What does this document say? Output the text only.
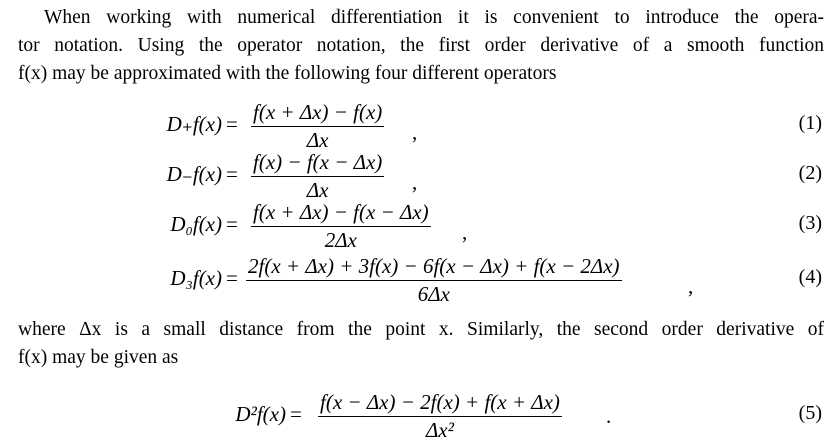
When working with numerical differentiation it is convenient to introduce the opera-
tor notation. Using the operator notation, the first order derivative of a smooth function
f(x) may be approximated with the following four different operators
$D_+f(x) = \frac{f(x + \Delta x) - f(x)}{\Delta x}$ ,	(1)
$D_-f(x) = \frac{f(x) - f(x - \Delta x)}{\Delta x}$ ,	(2)
$D_0f(x) = \frac{f(x + \Delta x) - f(x - \Delta x)}{2\Delta x}$ ,	(3)
$D_3f(x) = \frac{2f(x + \Delta x) + 3f(x) - 6f(x - \Delta x) + f(x - 2\Delta x)}{6\Delta x}$	,	(4)
where Δx is a small distance from the point x. Similarly, the second order derivative of
f(x) may be given as
$D^2f(x) = \frac{f(x - \Delta x) - 2f(x) + f(x + \Delta x)}{\text{Δx²}}$ .	(5)
